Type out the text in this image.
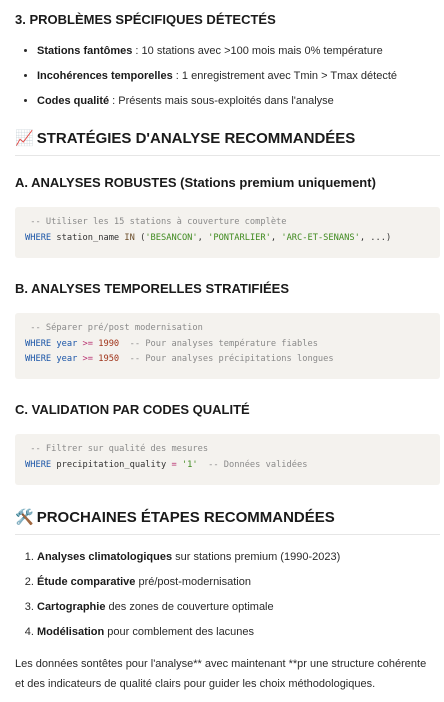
3. PROBLÈMES SPÉCIFIQUES DÉTECTÉS
• Stations fantômes : 10 stations avec >100 mois mais 0% température
• Incohérences temporelles : 1 enregistrement avec Tmin > Tmax détecté
• Codes qualité : Présents mais sous-exploités dans l'analyse
📈 STRATÉGIES D'ANALYSE RECOMMANDÉES
A. ANALYSES ROBUSTES (Stations premium uniquement)
-- Utiliser les 15 stations à couverture complète
WHERE station_name IN ('BESANCON', 'PONTARLIER', 'ARC-ET-SENANS', ...)
B. ANALYSES TEMPORELLES STRATIFIÉES
-- Séparer pré/post modernisation
WHERE year >= 1990  -- Pour analyses température fiables
WHERE year >= 1950  -- Pour analyses précipitations longues
C. VALIDATION PAR CODES QUALITÉ
-- Filtrer sur qualité des mesures
WHERE precipitation_quality = '1'  -- Données validées
🛠️ PROCHAINES ÉTAPES RECOMMANDÉES
1. Analyses climatologiques sur stations premium (1990-2023)
2. Étude comparative pré/post-modernisation
3. Cartographie des zones de couverture optimale
4. Modélisation pour comblement des lacunes

Les données sontêtes pour l'analyse** avec maintenant **pr une structure cohérente et des indicateurs de qualité clairs pour guider les choix méthodologiques.
